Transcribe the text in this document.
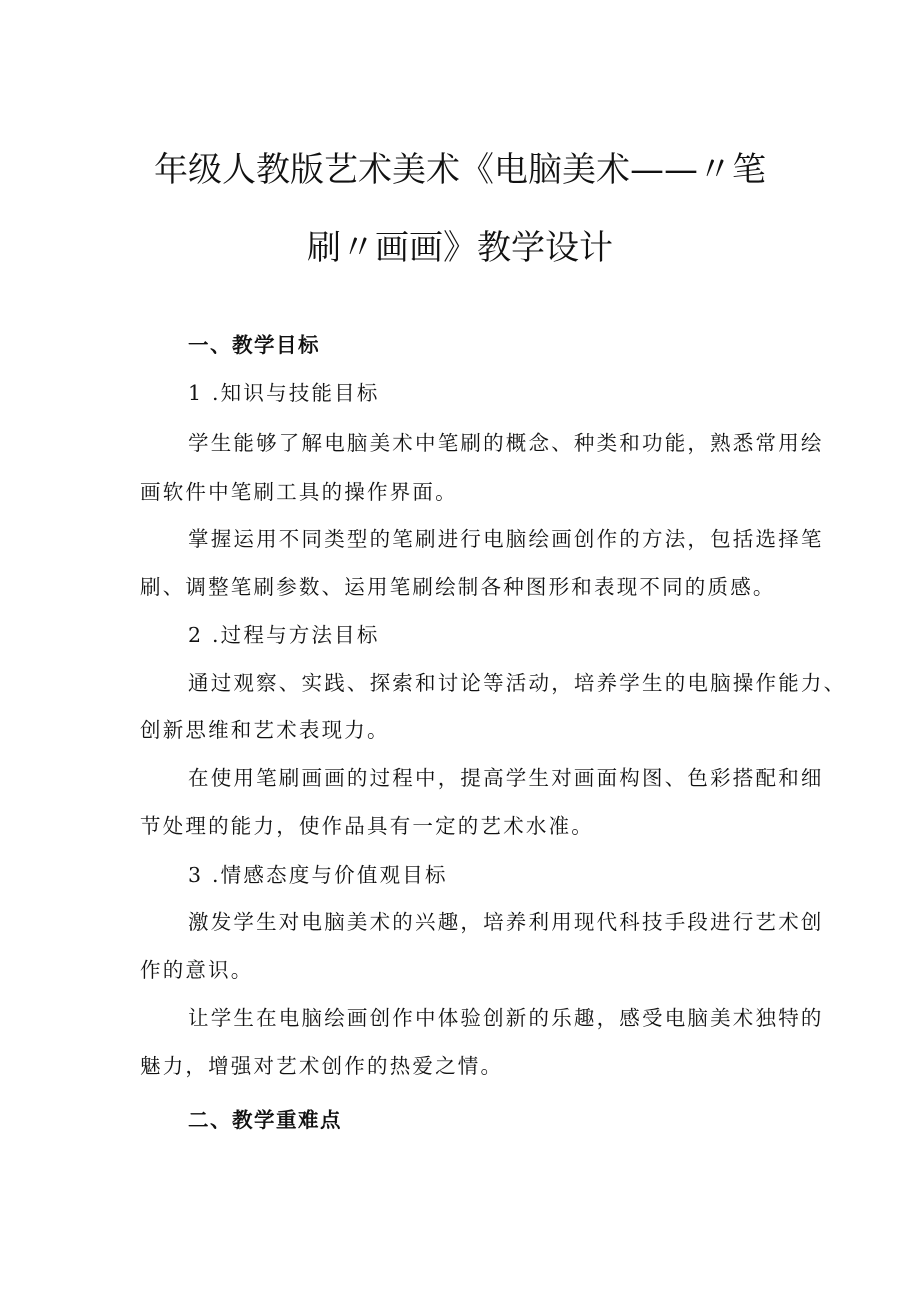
年级人教版艺术美术《电脑美术——〃笔
刷〃画画》教学设计

一、教学目标

1 .知识与技能目标

学生能够了解电脑美术中笔刷的概念、种类和功能，熟悉常用绘

画软件中笔刷工具的操作界面。

掌握运用不同类型的笔刷进行电脑绘画创作的方法，包括选择笔

刷、调整笔刷参数、运用笔刷绘制各种图形和表现不同的质感。

2 .过程与方法目标

通过观察、实践、探索和讨论等活动，培养学生的电脑操作能力、

创新思维和艺术表现力。

在使用笔刷画画的过程中，提高学生对画面构图、色彩搭配和细

节处理的能力，使作品具有一定的艺术水准。

3 .情感态度与价值观目标

激发学生对电脑美术的兴趣，培养利用现代科技手段进行艺术创

作的意识。

让学生在电脑绘画创作中体验创新的乐趣，感受电脑美术独特的

魅力，增强对艺术创作的热爱之情。

二、教学重难点
